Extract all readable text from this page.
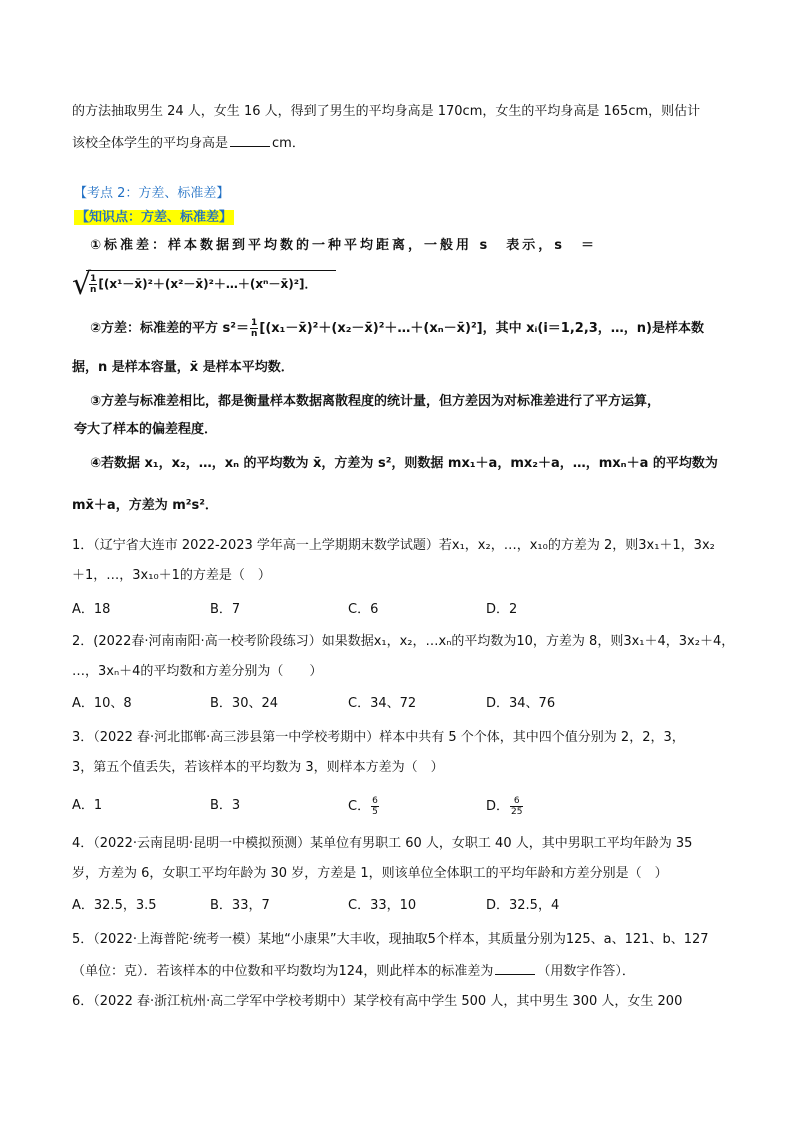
的方法抽取男生 24 人，女生 16 人，得到了男生的平均身高是 170cm，女生的平均身高是 165cm，则估计
该校全体学生的平均身高是	cm．
【考点 2：方差、标准差】
【知识点：方差、标准差】
①标准差：样本数据到平均数的一种平均距离，一般用 s　表示，s　＝
√
$\frac{1}{n}$ [(x¹－x̄)²＋(x²－x̄)²＋…＋(xⁿ－x̄)²]．
②方差：标准差的平方 $s^2= \frac{1}{n}$ [(x₁－x̄)²＋(x₂－x̄)²＋…＋(xₙ－x̄)²]，其中 xᵢ(i＝1,2,3，…，n)是样本数
据，n 是样本容量，x̄ 是样本平均数．
③方差与标准差相比，都是衡量样本数据离散程度的统计量，但方差因为对标准差进行了平方运算，
夸大了样本的偏差程度．
④若数据 x₁，x₂，…，xₙ 的平均数为 x̄，方差为 s²，则数据 mx₁＋a，mx₂＋a，…，mxₙ＋a 的平均数为
mx̄＋a，方差为 m²s²．
1．（辽宁省大连市 2022-2023 学年高一上学期期末数学试题）若x₁，x₂，…，x₁₀的方差为 2，则3x₁＋1，3x₂
＋1，…，3x₁₀＋1的方差是（　）
A．18	B．7	C．6	D．2
2．(2022春·河南南阳·高一校考阶段练习）如果数据x₁，x₂，…xₙ的平均数为10，方差为 8，则3x₁＋4，3x₂＋4，
…，3xₙ＋4的平均数和方差分别为（　　）
A．10、8	B．30、24	C．34、72	D．34、76
3．（2022 春·河北邯郸·高三涉县第一中学校考期中）样本中共有 5 个个体，其中四个值分别为 2，2，3，
3，第五个值丢失，若该样本的平均数为 3，则样本方差为（　）
A．1	B．3	C． $\frac{6}{5}$	D． $\frac{6}{25}$
4．（2022·云南昆明·昆明一中模拟预测）某单位有男职工 60 人，女职工 40 人，其中男职工平均年龄为 35
岁，方差为 6，女职工平均年龄为 30 岁，方差是 1，则该单位全体职工的平均年龄和方差分别是（　）
A．32.5，3.5	B．33，7	C．33，10	D．32.5，4
5．（2022·上海普陀·统考一模）某地“小康果”大丰收，现抽取5个样本，其质量分别为125、a、121、b、127
（单位：克）．若该样本的中位数和平均数均为124，则此样本的标准差为	（用数字作答）．
6．（2022 春·浙江杭州·高二学军中学校考期中）某学校有高中学生 500 人，其中男生 300 人，女生 200
